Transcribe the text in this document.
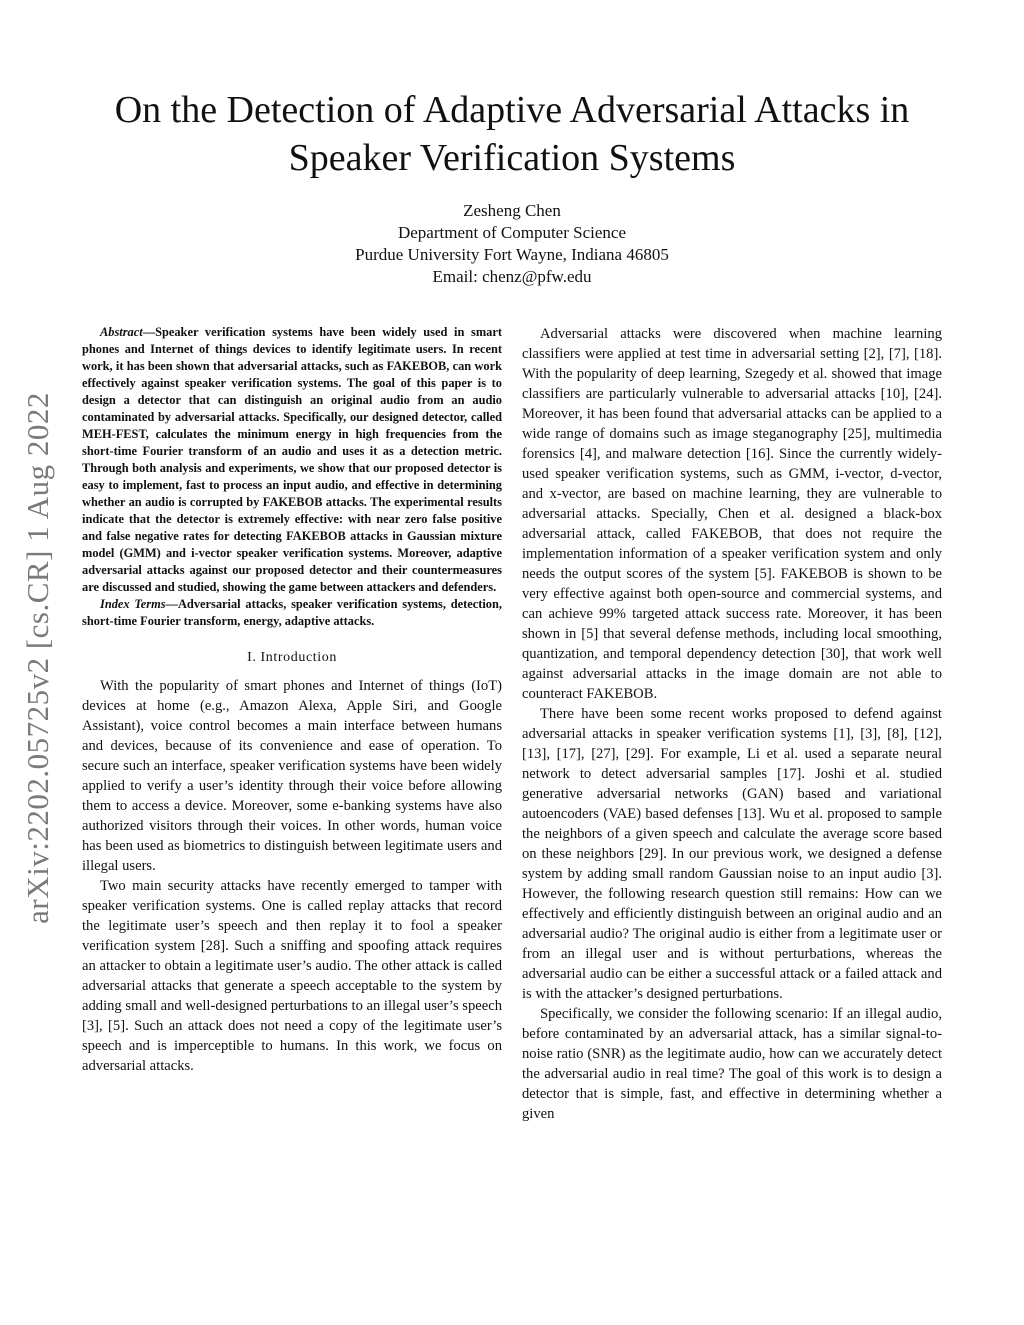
arXiv:2202.05725v2 [cs.CR] 1 Aug 2022
On the Detection of Adaptive Adversarial Attacks in Speaker Verification Systems
Zesheng Chen
Department of Computer Science
Purdue University Fort Wayne, Indiana 46805
Email: chenz@pfw.edu

Abstract—Speaker verification systems have been widely used in smart phones and Internet of things devices to identify legitimate users. In recent work, it has been shown that adversarial attacks, such as FAKEBOB, can work effectively against speaker verification systems. The goal of this paper is to design a detector that can distinguish an original audio from an audio contaminated by adversarial attacks. Specifically, our designed detector, called MEH-FEST, calculates the minimum energy in high frequencies from the short-time Fourier transform of an audio and uses it as a detection metric. Through both analysis and experiments, we show that our proposed detector is easy to implement, fast to process an input audio, and effective in determining whether an audio is corrupted by FAKEBOB attacks. The experimental results indicate that the detector is extremely effective: with near zero false positive and false negative rates for detecting FAKEBOB attacks in Gaussian mixture model (GMM) and i-vector speaker verification systems. Moreover, adaptive adversarial attacks against our proposed detector and their countermeasures are discussed and studied, showing the game between attackers and defenders.

Index Terms—Adversarial attacks, speaker verification systems, detection, short-time Fourier transform, energy, adaptive attacks.

I. Introduction

With the popularity of smart phones and Internet of things (IoT) devices at home (e.g., Amazon Alexa, Apple Siri, and Google Assistant), voice control becomes a main interface between humans and devices, because of its convenience and ease of operation. To secure such an interface, speaker verification systems have been widely applied to verify a user’s identity through their voice before allowing them to access a device. Moreover, some e-banking systems have also authorized visitors through their voices. In other words, human voice has been used as biometrics to distinguish between legitimate users and illegal users.

Two main security attacks have recently emerged to tamper with speaker verification systems. One is called replay attacks that record the legitimate user’s speech and then replay it to fool a speaker verification system [28]. Such a sniffing and spoofing attack requires an attacker to obtain a legitimate user’s audio. The other attack is called adversarial attacks that generate a speech acceptable to the system by adding small and well-designed perturbations to an illegal user’s speech [3], [5]. Such an attack does not need a copy of the legitimate user’s speech and is imperceptible to humans. In this work, we focus on adversarial attacks.

Adversarial attacks were discovered when machine learning classifiers were applied at test time in adversarial setting [2], [7], [18]. With the popularity of deep learning, Szegedy et al. showed that image classifiers are particularly vulnerable to adversarial attacks [10], [24]. Moreover, it has been found that adversarial attacks can be applied to a wide range of domains such as image steganography [25], multimedia forensics [4], and malware detection [16]. Since the currently widely-used speaker verification systems, such as GMM, i-vector, d-vector, and x-vector, are based on machine learning, they are vulnerable to adversarial attacks. Specially, Chen et al. designed a black-box adversarial attack, called FAKEBOB, that does not require the implementation information of a speaker verification system and only needs the output scores of the system [5]. FAKEBOB is shown to be very effective against both open-source and commercial systems, and can achieve 99% targeted attack success rate. Moreover, it has been shown in [5] that several defense methods, including local smoothing, quantization, and temporal dependency detection [30], that work well against adversarial attacks in the image domain are not able to counteract FAKEBOB.

There have been some recent works proposed to defend against adversarial attacks in speaker verification systems [1], [3], [8], [12], [13], [17], [27], [29]. For example, Li et al. used a separate neural network to detect adversarial samples [17]. Joshi et al. studied generative adversarial networks (GAN) based and variational autoencoders (VAE) based defenses [13]. Wu et al. proposed to sample the neighbors of a given speech and calculate the average score based on these neighbors [29]. In our previous work, we designed a defense system by adding small random Gaussian noise to an input audio [3]. However, the following research question still remains: How can we effectively and efficiently distinguish between an original audio and an adversarial audio? The original audio is either from a legitimate user or from an illegal user and is without perturbations, whereas the adversarial audio can be either a successful attack or a failed attack and is with the attacker’s designed perturbations.

Specifically, we consider the following scenario: If an illegal audio, before contaminated by an adversarial attack, has a similar signal-to-noise ratio (SNR) as the legitimate audio, how can we accurately detect the adversarial audio in real time? The goal of this work is to design a detector that is simple, fast, and effective in determining whether a given
